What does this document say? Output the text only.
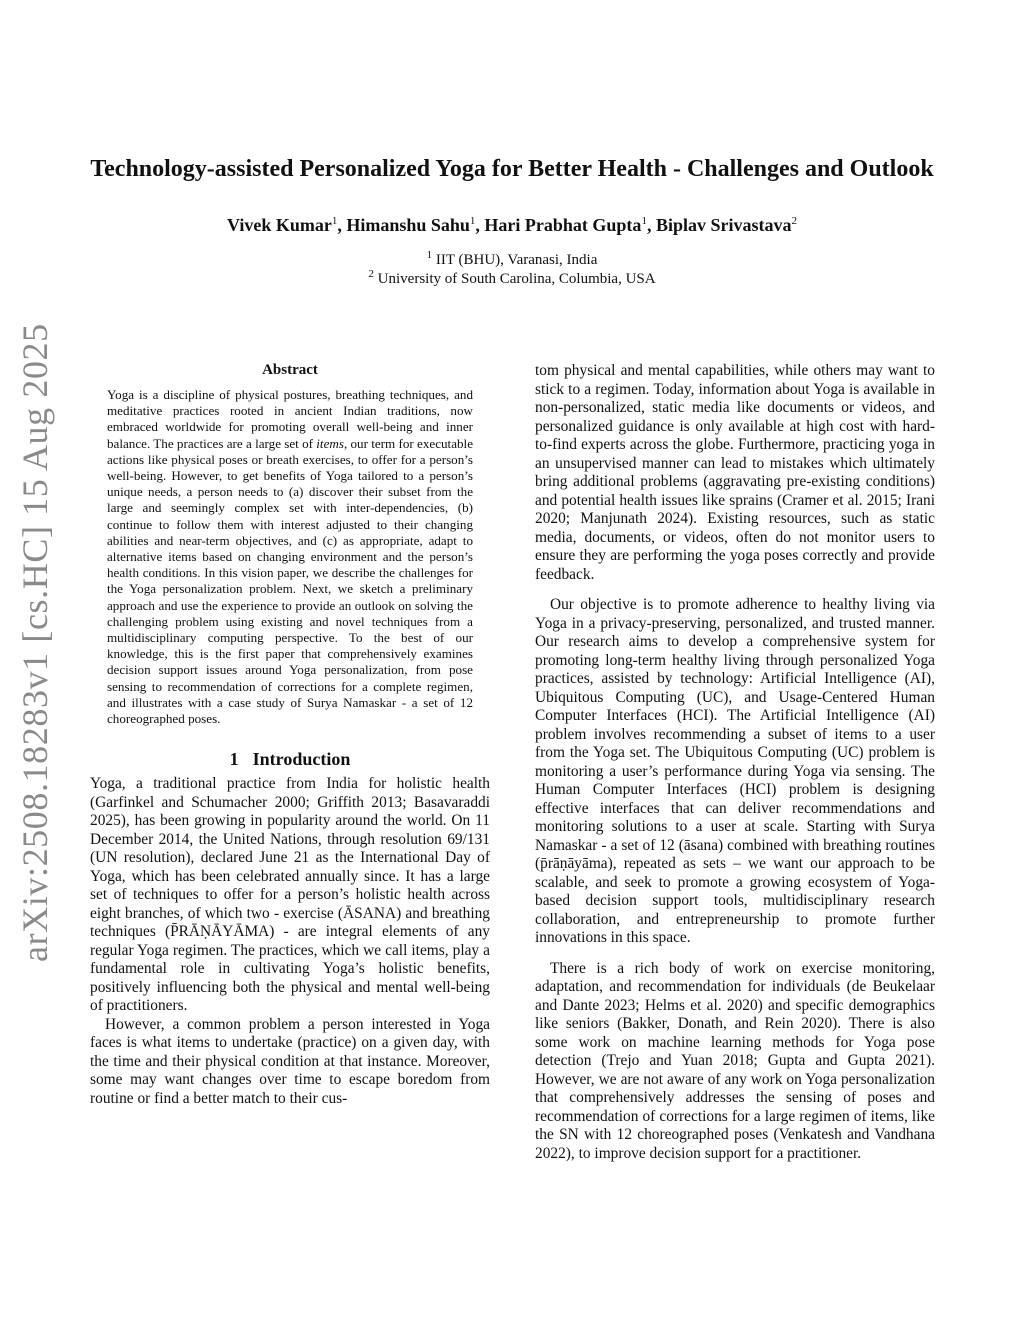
arXiv:2508.18283v1 [cs.HC] 15 Aug 2025
Technology-assisted Personalized Yoga for Better Health - Challenges and Outlook
Vivek Kumar$^1$, Himanshu Sahu$^1$, Hari Prabhat Gupta$^1$, Biplav Srivastava$^2$
$^1$ IIT (BHU), Varanasi, India
$^2$ University of South Carolina, Columbia, USA
Abstract

Yoga is a discipline of physical postures, breathing techniques, and meditative practices rooted in ancient Indian traditions, now embraced worldwide for promoting overall well-being and inner balance. The practices are a large set of items, our term for executable actions like physical poses or breath exercises, to offer for a person’s well-being. However, to get benefits of Yoga tailored to a person’s unique needs, a person needs to (a) discover their subset from the large and seemingly complex set with inter-dependencies, (b) continue to follow them with interest adjusted to their changing abilities and near-term objectives, and (c) as appropriate, adapt to alternative items based on changing environment and the person’s health conditions. In this vision paper, we describe the challenges for the Yoga personalization problem. Next, we sketch a preliminary approach and use the experience to provide an outlook on solving the challenging problem using existing and novel techniques from a multidisciplinary computing perspective. To the best of our knowledge, this is the first paper that comprehensively examines decision support issues around Yoga personalization, from pose sensing to recommendation of corrections for a complete regimen, and illustrates with a case study of Surya Namaskar - a set of 12 choreographed poses.

1 Introduction

Yoga, a traditional practice from India for holistic health (Garfinkel and Schumacher 2000; Griffith 2013; Basavaraddi 2025), has been growing in popularity around the world. On 11 December 2014, the United Nations, through resolution 69/131 (UN resolution), declared June 21 as the International Day of Yoga, which has been celebrated annually since. It has a large set of techniques to offer for a person’s holistic health across eight branches, of which two - exercise (ĀSANA) and breathing techniques (P̄RĀṆĀYĀMA) - are integral elements of any regular Yoga regimen. The practices, which we call items, play a fundamental role in cultivating Yoga’s holistic benefits, positively influencing both the physical and mental well-being of practitioners.

However, a common problem a person interested in Yoga faces is what items to undertake (practice) on a given day, with the time and their physical condition at that instance. Moreover, some may want changes over time to escape boredom from routine or find a better match to their cus-

tom physical and mental capabilities, while others may want to stick to a regimen. Today, information about Yoga is available in non-personalized, static media like documents or videos, and personalized guidance is only available at high cost with hard-to-find experts across the globe. Furthermore, practicing yoga in an unsupervised manner can lead to mistakes which ultimately bring additional problems (aggravating pre-existing conditions) and potential health issues like sprains (Cramer et al. 2015; Irani 2020; Manjunath 2024). Existing resources, such as static media, documents, or videos, often do not monitor users to ensure they are performing the yoga poses correctly and provide feedback.

Our objective is to promote adherence to healthy living via Yoga in a privacy-preserving, personalized, and trusted manner. Our research aims to develop a comprehensive system for promoting long-term healthy living through personalized Yoga practices, assisted by technology: Artificial Intelligence (AI), Ubiquitous Computing (UC), and Usage-Centered Human Computer Interfaces (HCI). The Artificial Intelligence (AI) problem involves recommending a subset of items to a user from the Yoga set. The Ubiquitous Computing (UC) problem is monitoring a user’s performance during Yoga via sensing. The Human Computer Interfaces (HCI) problem is designing effective interfaces that can deliver recommendations and monitoring solutions to a user at scale. Starting with Surya Namaskar - a set of 12 (āsana) combined with breathing routines (p̄rāṇāyāma), repeated as sets – we want our approach to be scalable, and seek to promote a growing ecosystem of Yoga-based decision support tools, multidisciplinary research collaboration, and entrepreneurship to promote further innovations in this space.

There is a rich body of work on exercise monitoring, adaptation, and recommendation for individuals (de Beukelaar and Dante 2023; Helms et al. 2020) and specific demographics like seniors (Bakker, Donath, and Rein 2020). There is also some work on machine learning methods for Yoga pose detection (Trejo and Yuan 2018; Gupta and Gupta 2021). However, we are not aware of any work on Yoga personalization that comprehensively addresses the sensing of poses and recommendation of corrections for a large regimen of items, like the SN with 12 choreographed poses (Venkatesh and Vandhana 2022), to improve decision support for a practitioner.
